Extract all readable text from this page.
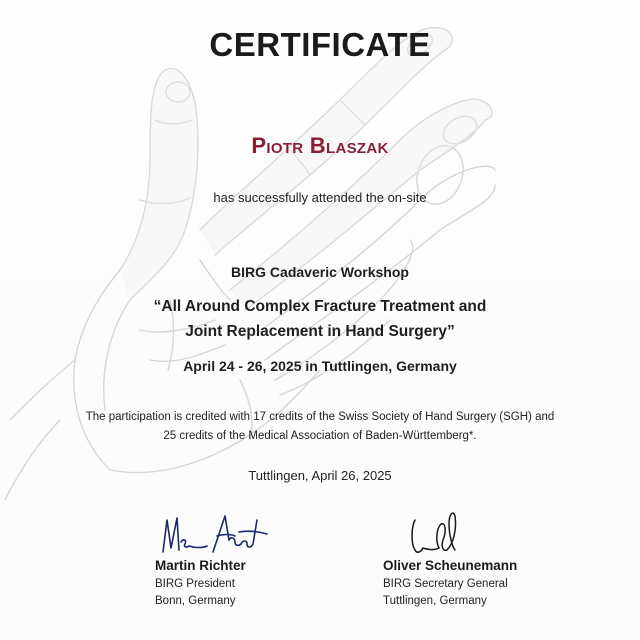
CERTIFICATE
Piotr Blaszak
has successfully attended the on-site
BIRG Cadaveric Workshop
“All Around Complex Fracture Treatment and
Joint Replacement in Hand Surgery”
April 24 - 26, 2025 in Tuttlingen, Germany
The participation is credited with 17 credits of the Swiss Society of Hand Surgery (SGH) and
25 credits of the Medical Association of Baden-Württemberg*.
Tuttlingen, April 26, 2025
Martin Richter
BIRG President
Bonn, Germany
Oliver Scheunemann
BIRG Secretary General
Tuttlingen, Germany
